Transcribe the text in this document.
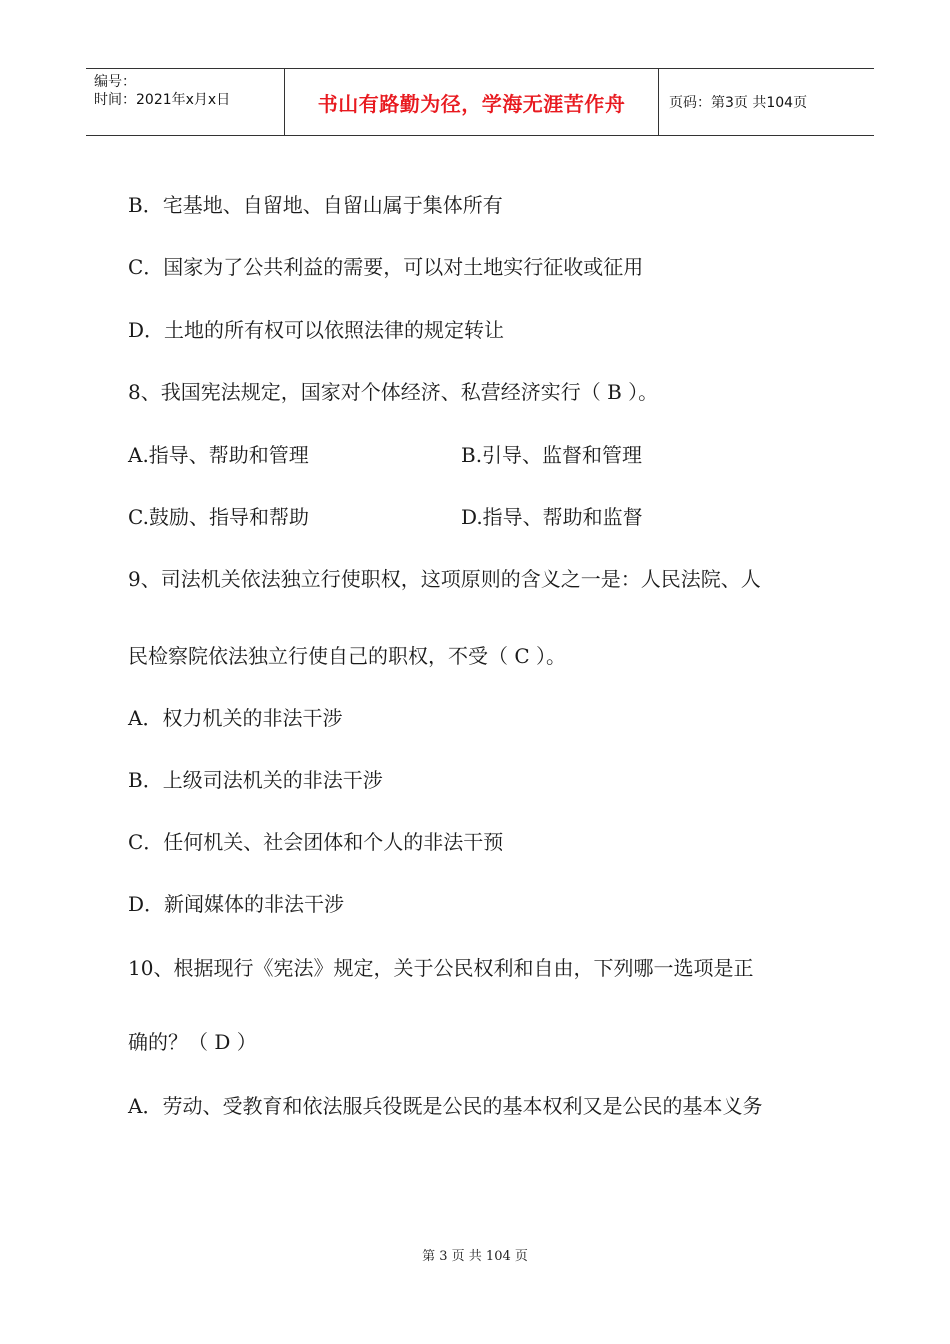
编号：
时间：2021年x月x日	书山有路勤为径，学海无涯苦作舟	页码：第3页 共104页
B．宅基地、自留地、自留山属于集体所有
C．国家为了公共利益的需要，可以对土地实行征收或征用
D．土地的所有权可以依照法律的规定转让
8、我国宪法规定，国家对个体经济、私营经济实行（ B ）。
A.指导、帮助和管理	B.引导、监督和管理
C.鼓励、指导和帮助	D.指导、帮助和监督
9、司法机关依法独立行使职权，这项原则的含义之一是：人民法院、人
民检察院依法独立行使自己的职权，不受（ C ）。
A．权力机关的非法干涉
B．上级司法机关的非法干涉
C．任何机关、社会团体和个人的非法干预
D．新闻媒体的非法干涉
10、根据现行《宪法》规定，关于公民权利和自由，下列哪一选项是正
确的？（ D ）
A．劳动、受教育和依法服兵役既是公民的基本权利又是公民的基本义务
第 3 页 共 104 页
